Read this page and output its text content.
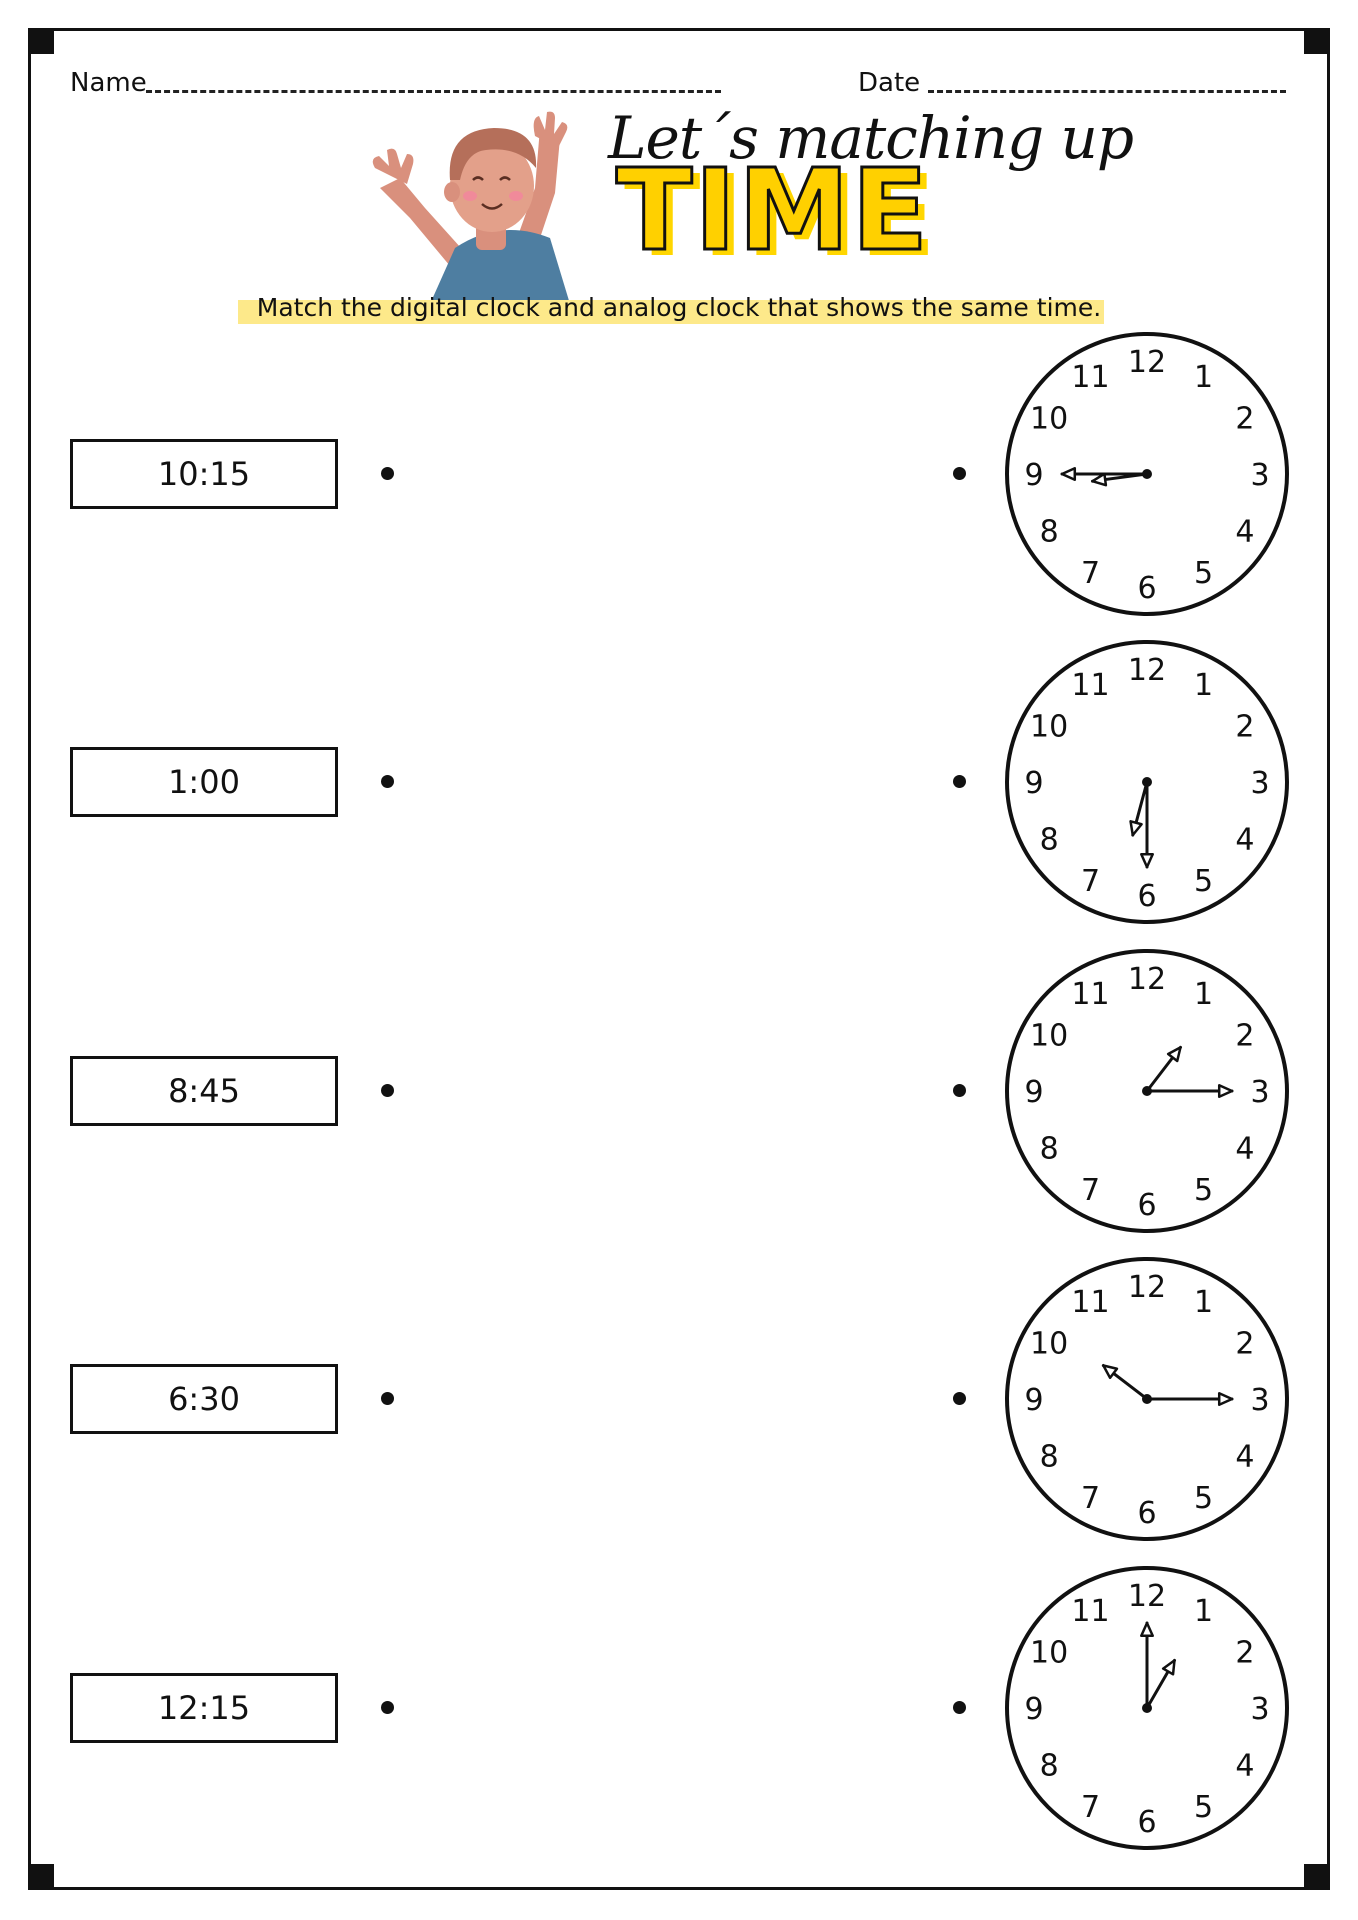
Name	Date
Let´s matching up
TIME
Match the digital clock and analog clock that shows the same time.
10:15
1:00
8:45
6:30
12:15
12 1
2
3
4
5
6
7
8
9
10
11
12 1
2
3
4
5
6
7
8
9
10
11
12 1
2
3
4
5
6
7
8
9
10
11
12 1
2
3
4
5
6
7
8
9
10
11
12 1
2
3
4
5
6
7
8
9
10
11
